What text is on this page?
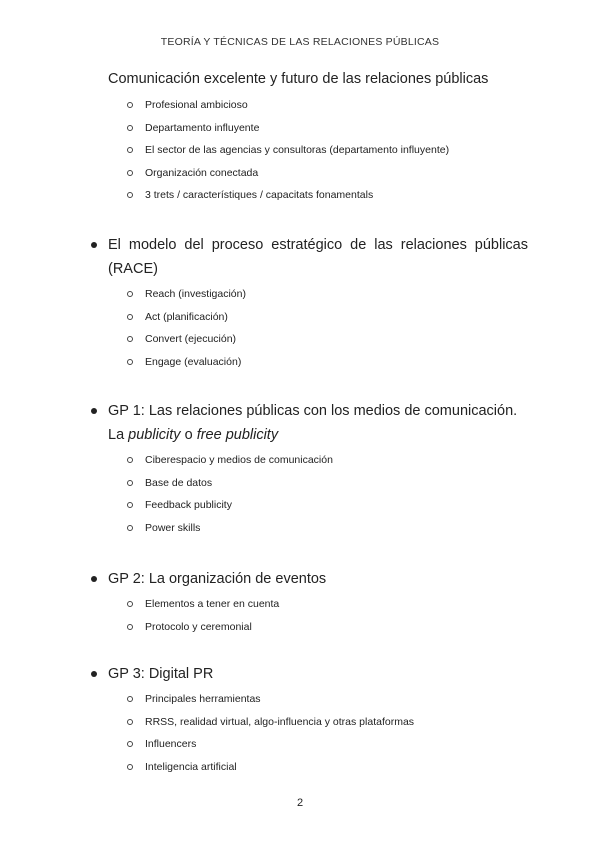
TEORÍA Y TÉCNICAS DE LAS RELACIONES PÚBLICAS
Comunicación excelente y futuro de las relaciones públicas
Profesional ambicioso
Departamento influyente
El sector de las agencias y consultoras (departamento influyente)
Organización conectada
3 trets / característiques / capacitats fonamentals
El modelo del proceso estratégico de las relaciones públicas (RACE)
Reach (investigación)
Act (planificación)
Convert (ejecución)
Engage (evaluación)
GP 1: Las relaciones públicas con los medios de comunicación. La publicity o free publicity
Ciberespacio y medios de comunicación
Base de datos
Feedback publicity
Power skills
GP 2: La organización de eventos
Elementos a tener en cuenta
Protocolo y ceremonial
GP 3: Digital PR
Principales herramientas
RRSS, realidad virtual, algo-influencia y otras plataformas
Influencers
Inteligencia artificial
2
